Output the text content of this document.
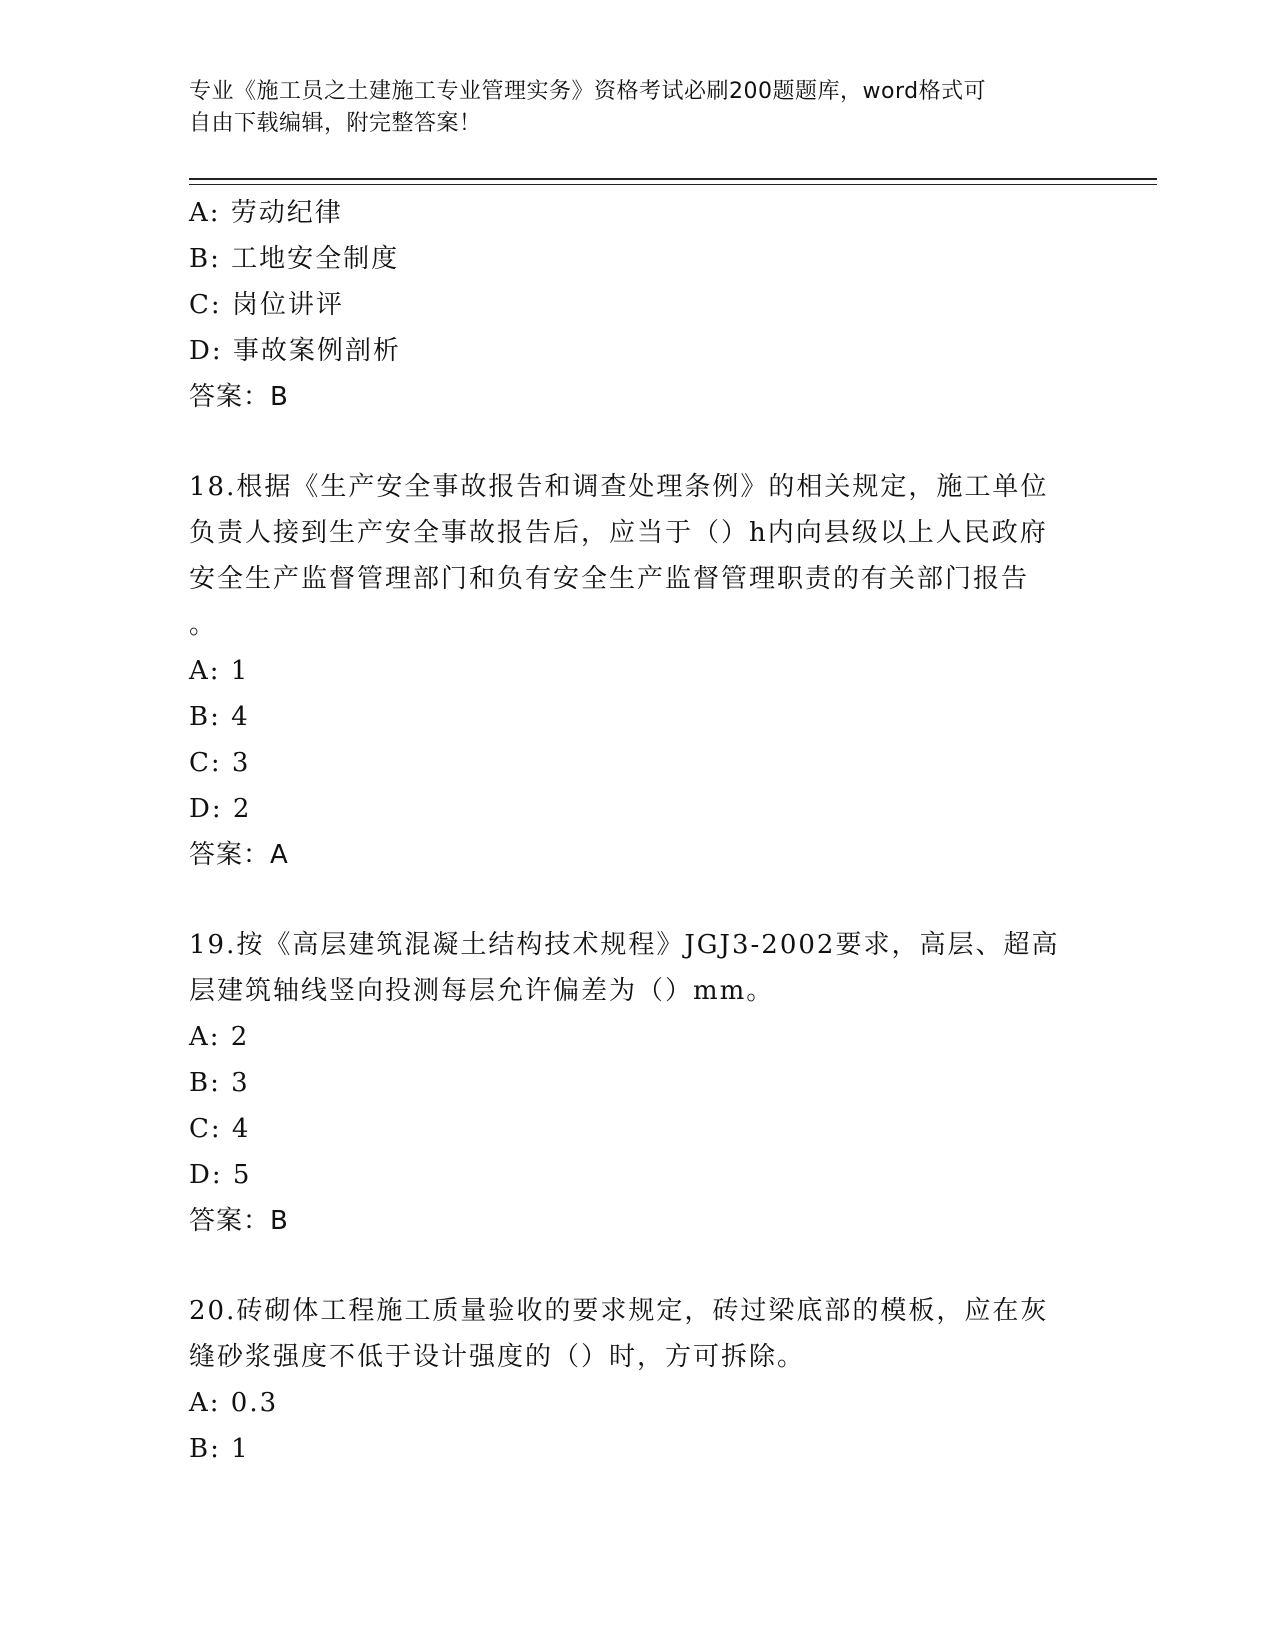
专业《施工员之土建施工专业管理实务》资格考试必刷200题题库，word格式可
自由下载编辑，附完整答案！
A: 劳动纪律
B: 工地安全制度
C: 岗位讲评
D: 事故案例剖析
答案：B
18.根据《生产安全事故报告和调查处理条例》的相关规定，施工单位
负责人接到生产安全事故报告后，应当于（）h内向县级以上人民政府
安全生产监督管理部门和负有安全生产监督管理职责的有关部门报告
。
A: 1
B: 4
C: 3
D: 2
答案：A
19.按《高层建筑混凝土结构技术规程》JGJ3-2002要求，高层、超高
层建筑轴线竖向投测每层允许偏差为（）mm。
A: 2
B: 3
C: 4
D: 5
答案：B
20.砖砌体工程施工质量验收的要求规定，砖过梁底部的模板，应在灰
缝砂浆强度不低于设计强度的（）时，方可拆除。
A: 0.3
B: 1
